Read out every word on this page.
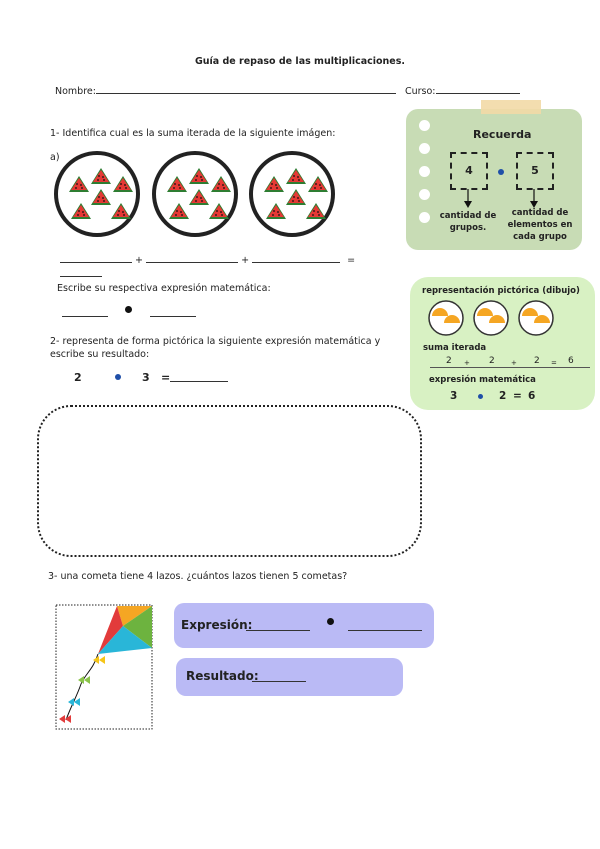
Guía de repaso de las multiplicaciones.
Nombre:	Curso:
1- Identifica cual es la suma iterada de la siguiente imágen:
a)
+	+	=
Escribe su respectiva expresión matemática:
2- representa de forma pictórica la siguiente expresión matemática y escribe su resultado:
2	3 =
3- una cometa tiene 4 lazos. ¿cuántos lazos tienen 5 cometas?
Expresión:
Resultado:
Recuerda
4	5
cantidad de grupos.
cantidad de elementos en cada grupo
representación pictórica (dibujo)
suma iterada
2 + 2 + 2 = 6
expresión matemática
3	2 = 6
